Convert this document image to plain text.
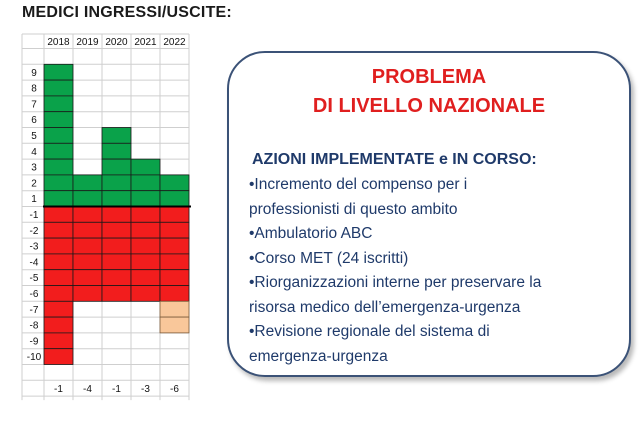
MEDICI INGRESSI/USCITE:
2018 2019 2020 2021 2022
9
8
7
6
5
4
3
2
1
-1
-2
-3
-4
-5
-6
-7
-8
-9
-10
-1 -4 -1 -3 -6
PROBLEMA
DI LIVELLO NAZIONALE
AZIONI IMPLEMENTATE e IN CORSO:
•Incremento del compenso per i
professionisti di questo ambito
•Ambulatorio ABC
•Corso MET (24 iscritti)
•Riorganizzazioni interne per preservare la
risorsa medico dell’emergenza-urgenza
•Revisione regionale del sistema di
emergenza-urgenza
